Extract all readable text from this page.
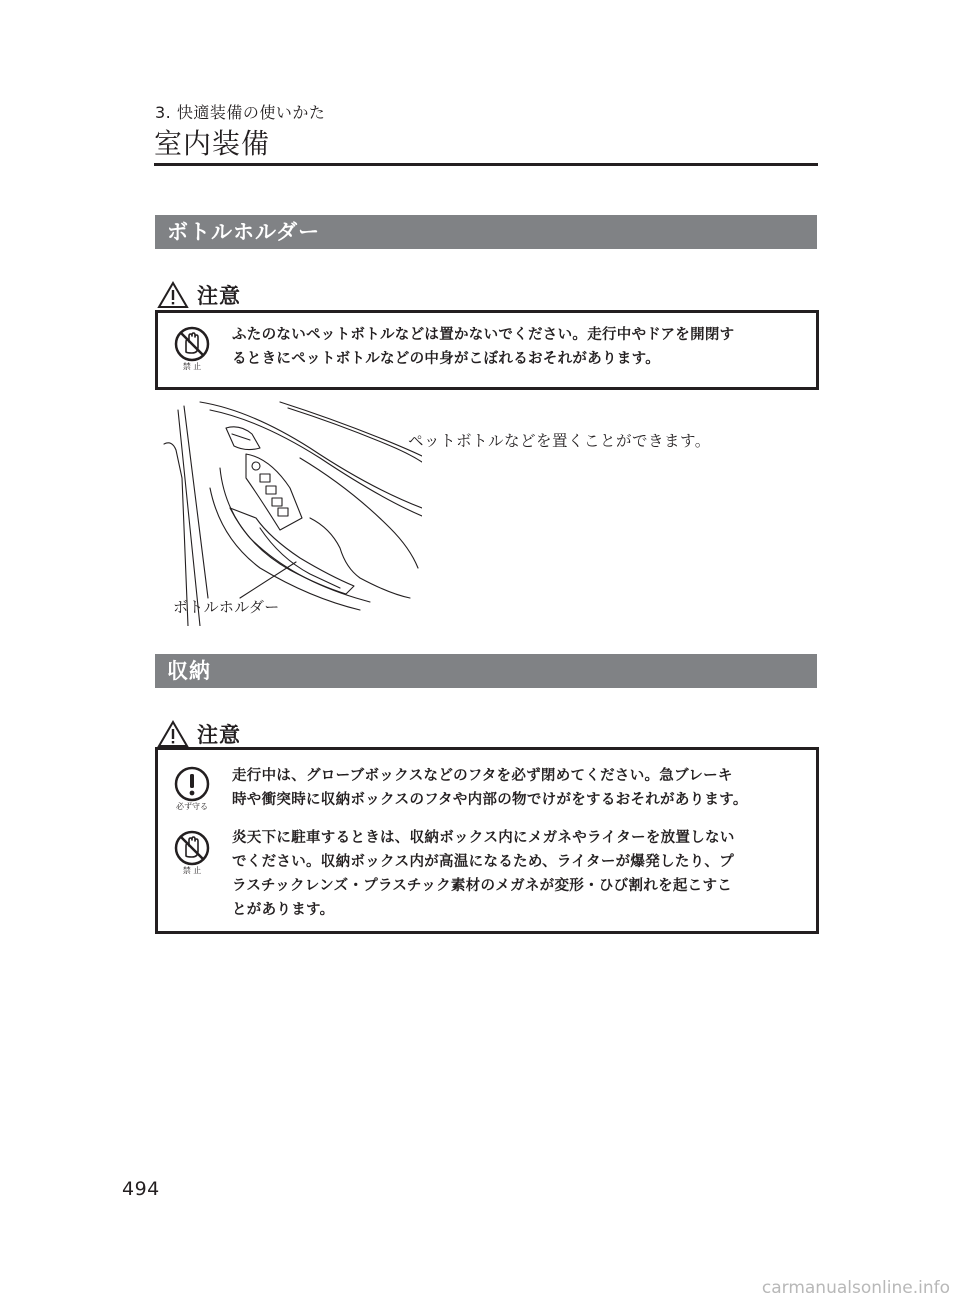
3. 快適装備の使いかた
室内装備
ボトルホルダー
注意
禁 止
ふたのないペットボトルなどは置かないでください。走行中やドアを開閉す
るときにペットボトルなどの中身がこぼれるおそれがあります。
ボトルホルダー
ペットボトルなどを置くことができます。
収納
注意
必ず守る
走行中は、グローブボックスなどのフタを必ず閉めてください。急ブレーキ
時や衝突時に収納ボックスのフタや内部の物でけがをするおそれがあります。
禁 止
炎天下に駐車するときは、収納ボックス内にメガネやライターを放置しない
でください。収納ボックス内が高温になるため、ライターが爆発したり、プ
ラスチックレンズ・プラスチック素材のメガネが変形・ひび割れを起こすこ
とがあります。
494
carmanualsonline.info
